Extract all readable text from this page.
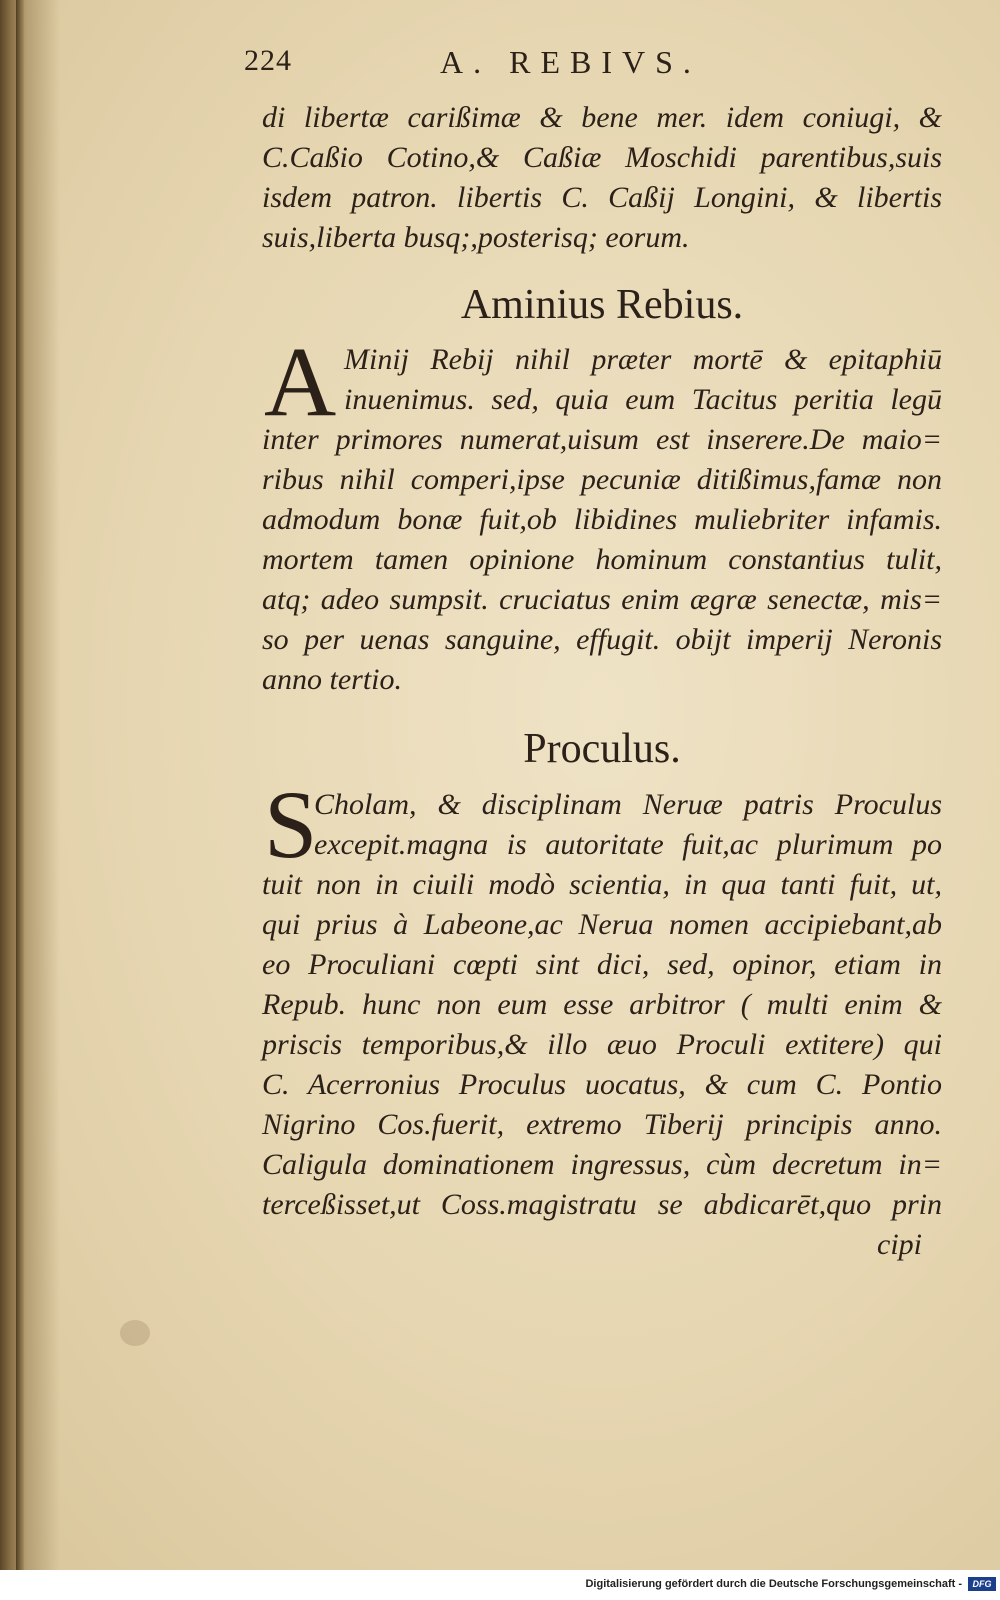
224	A. REBIVS.
di libertæ carißimæ & bene mer. idem coniugi, &
C.Caßio Cotino,& Caßiæ Moschidi parentibus,suis
isdem patron. libertis C. Caßij Longini, & libertis
suis,liberta busq;,posterisq; eorum.
Aminius Rebius.
A Minij Rebij nihil præter mortē & epitaphiū
inuenimus. sed, quia eum Tacitus peritia legū
inter primores numerat,uisum est inserere.De maio=
ribus nihil comperi,ipse pecuniæ ditißimus,famæ non
admodum bonæ fuit,ob libidines muliebriter infamis.
mortem tamen opinione hominum constantius tulit,
atq; adeo sumpsit. cruciatus enim ægræ senectæ, mis=
so per uenas sanguine, effugit. obijt imperij Neronis
anno tertio.
Proculus.
S
Cholam, & disciplinam Neruæ patris Proculus
excepit.magna is autoritate fuit,ac plurimum po
tuit non in ciuili modò scientia, in qua tanti fuit, ut,
qui prius à Labeone,ac Nerua nomen accipiebant,ab
eo Proculiani cœpti sint dici, sed, opinor, etiam in
Repub. hunc non eum esse arbitror ( multi enim &
priscis temporibus,& illo æuo Proculi extitere) qui
C. Acerronius Proculus uocatus, & cum C. Pontio
Nigrino Cos.fuerit, extremo Tiberij principis anno.
Caligula dominationem ingressus, cùm decretum in=
terceßisset,ut Coss.magistratu se abdicarēt,quo prin
cipi
Digitalisierung gefördert durch die Deutsche Forschungsgemeinschaft -	DFG
